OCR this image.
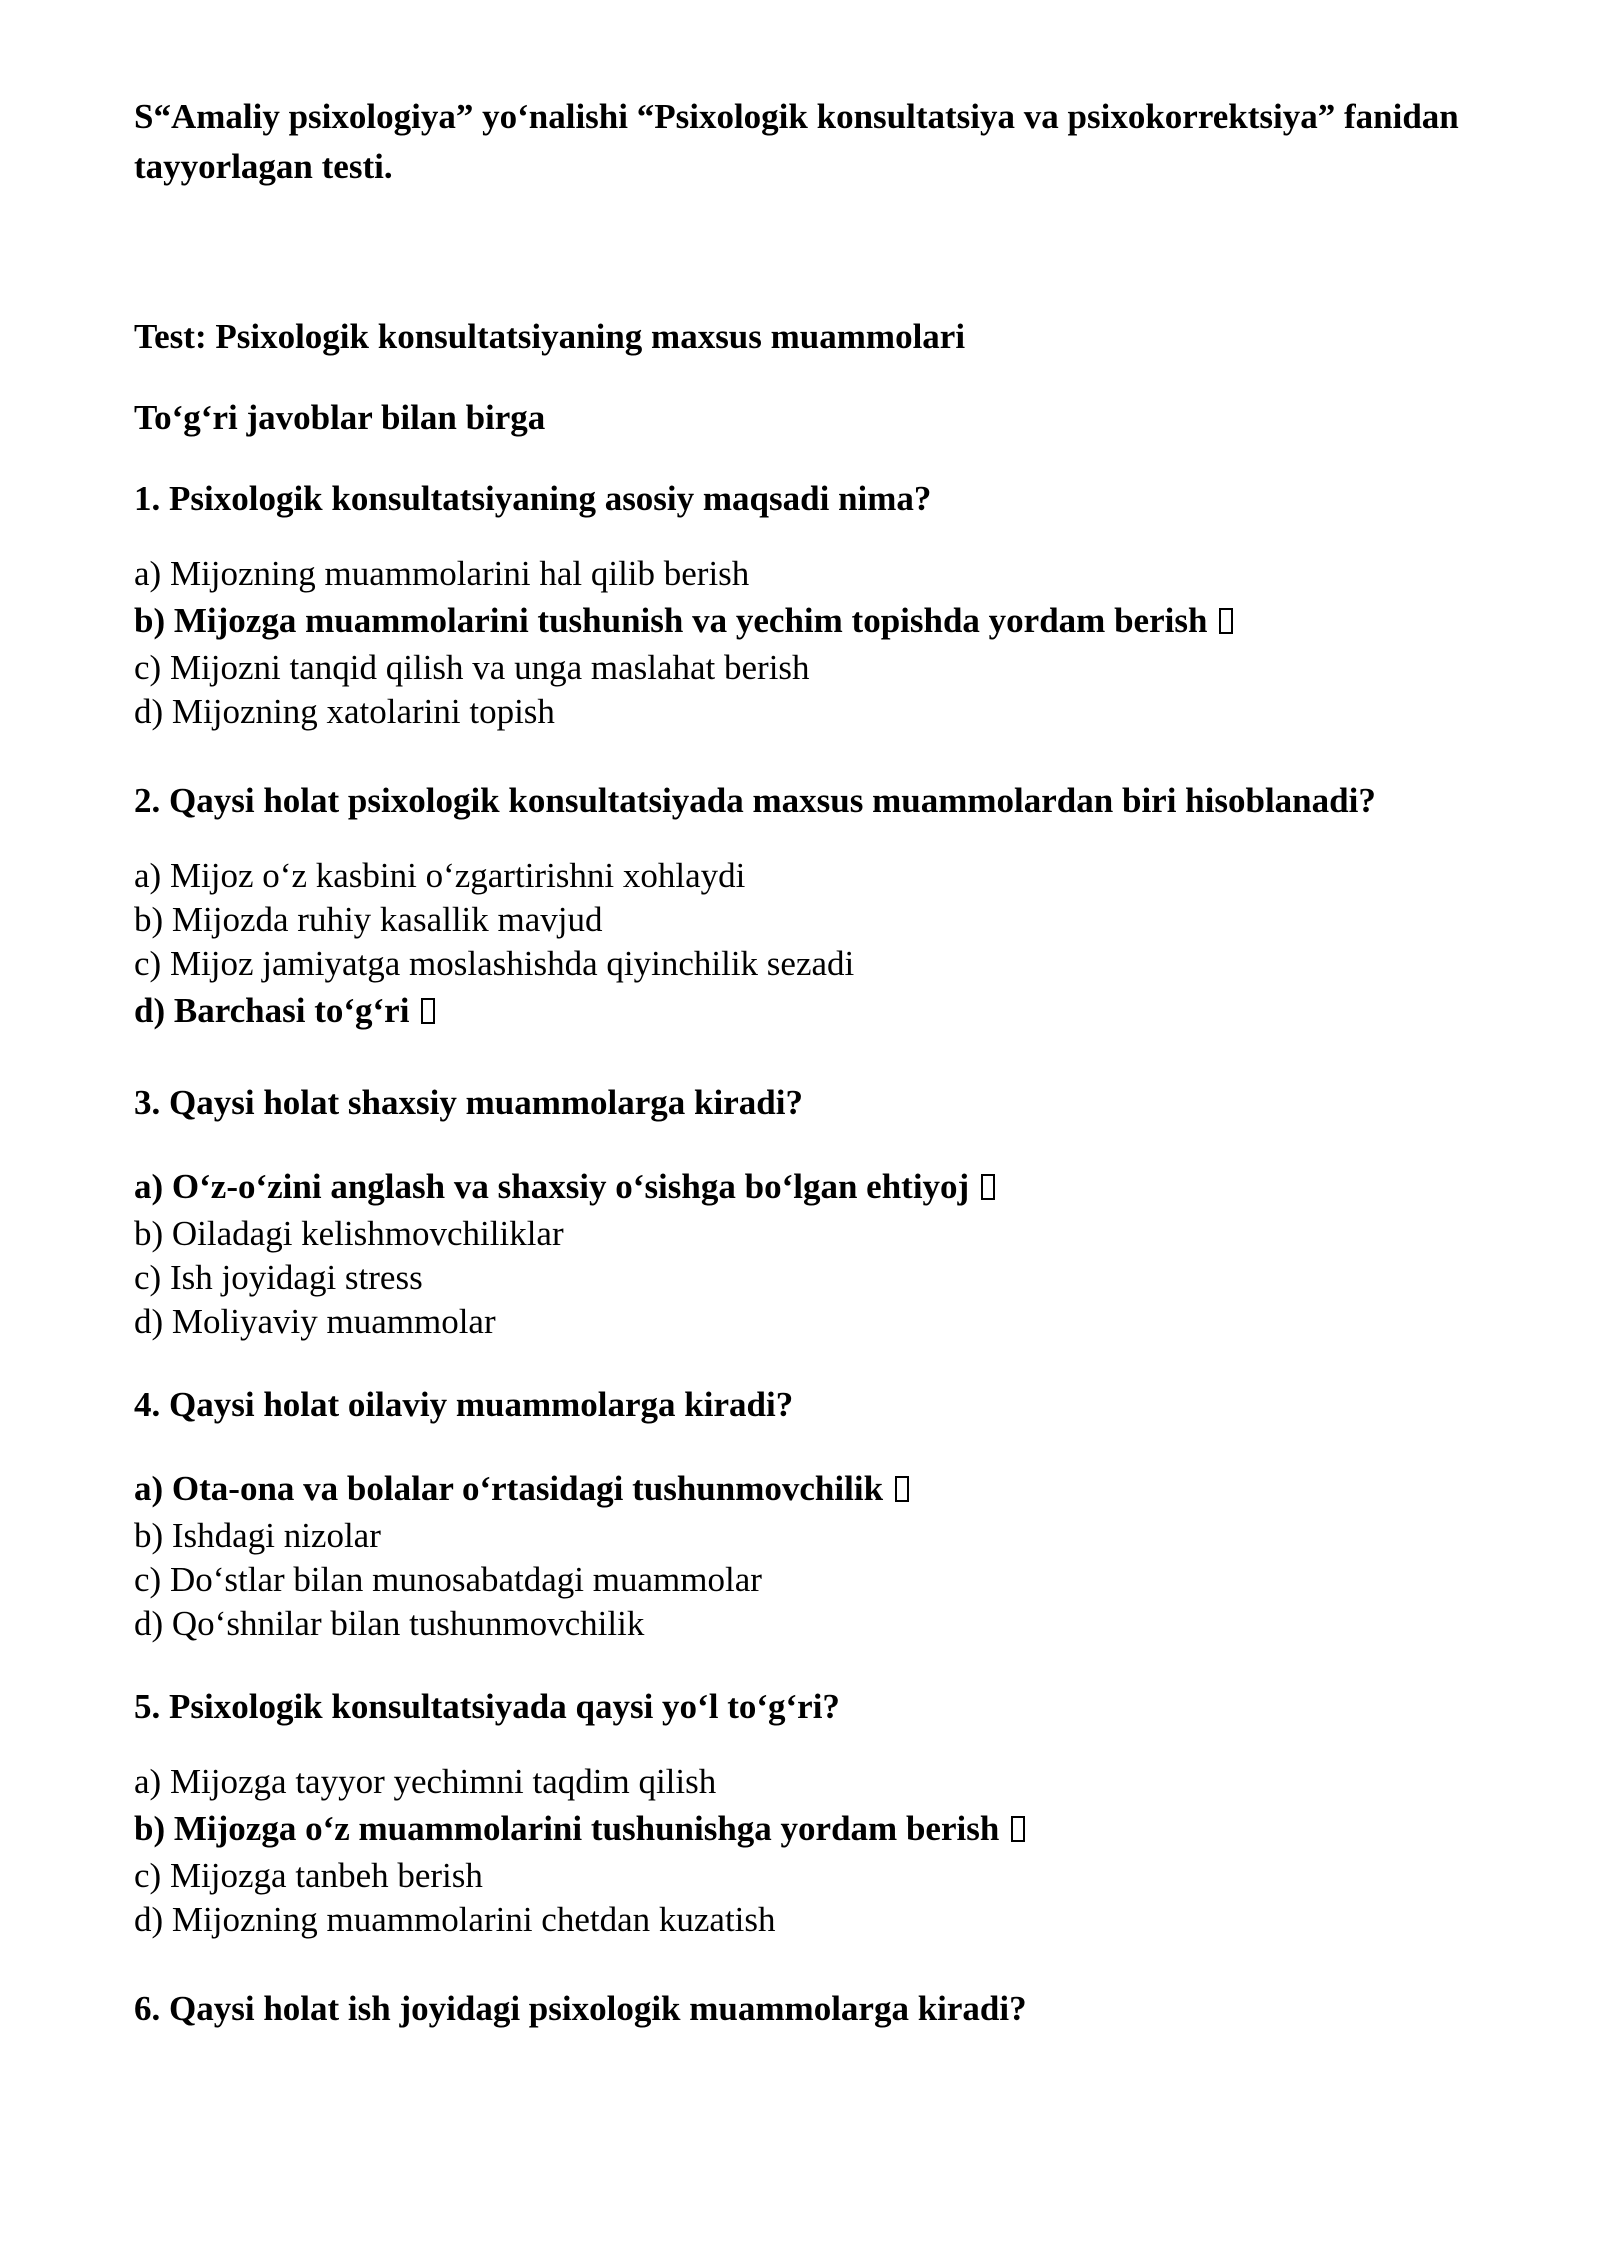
S“Amaliy psixologiya” yo‘nalishi “Psixologik konsultatsiya va psixokorrektsiya” fanidan tayyorlagan testi.

Test: Psixologik konsultatsiyaning maxsus muammolari

To‘g‘ri javoblar bilan birga

1. Psixologik konsultatsiyaning asosiy maqsadi nima?

a) Mijozning muammolarini hal qilib berish
b) Mijozga muammolarini tushunish va yechim topishda yordam berish
c) Mijozni tanqid qilish va unga maslahat berish
d) Mijozning xatolarini topish

2. Qaysi holat psixologik konsultatsiyada maxsus muammolardan biri hisoblanadi?

a) Mijoz o‘z kasbini o‘zgartirishni xohlaydi
b) Mijozda ruhiy kasallik mavjud
c) Mijoz jamiyatga moslashishda qiyinchilik sezadi
d) Barchasi to‘g‘ri

3. Qaysi holat shaxsiy muammolarga kiradi?

a) O‘z-o‘zini anglash va shaxsiy o‘sishga bo‘lgan ehtiyoj
b) Oiladagi kelishmovchiliklar
c) Ish joyidagi stress
d) Moliyaviy muammolar

4. Qaysi holat oilaviy muammolarga kiradi?

a) Ota-ona va bolalar o‘rtasidagi tushunmovchilik
b) Ishdagi nizolar
c) Do‘stlar bilan munosabatdagi muammolar
d) Qo‘shnilar bilan tushunmovchilik

5. Psixologik konsultatsiyada qaysi yo‘l to‘g‘ri?

a) Mijozga tayyor yechimni taqdim qilish
b) Mijozga o‘z muammolarini tushunishga yordam berish
c) Mijozga tanbeh berish
d) Mijozning muammolarini chetdan kuzatish

6. Qaysi holat ish joyidagi psixologik muammolarga kiradi?
